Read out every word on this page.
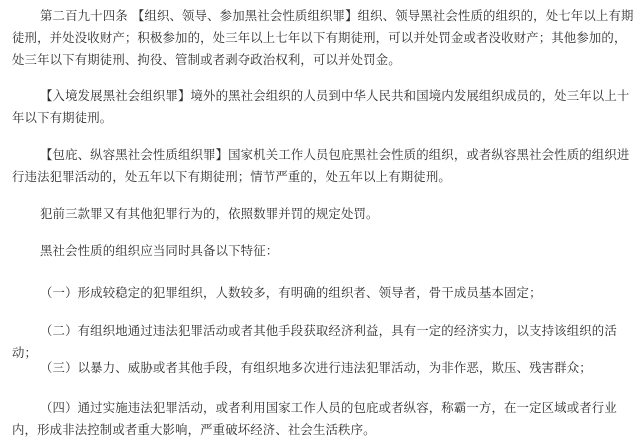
第二百九十四条 【组织、领导、参加黑社会性质组织罪】组织、领导黑社会性质的组织的，处七年以上有期徒刑，并处没收财产；积极参加的，处三年以上七年以下有期徒刑，可以并处罚金或者没收财产；其他参加的，处三年以下有期徒刑、拘役、管制或者剥夺政治权利，可以并处罚金。

【入境发展黑社会组织罪】境外的黑社会组织的人员到中华人民共和国境内发展组织成员的，处三年以上十年以下有期徒刑。

【包庇、纵容黑社会性质组织罪】国家机关工作人员包庇黑社会性质的组织，或者纵容黑社会性质的组织进行违法犯罪活动的，处五年以下有期徒刑；情节严重的，处五年以上有期徒刑。

犯前三款罪又有其他犯罪行为的，依照数罪并罚的规定处罚。

黑社会性质的组织应当同时具备以下特征：

（一）形成较稳定的犯罪组织，人数较多，有明确的组织者、领导者，骨干成员基本固定；

（二）有组织地通过违法犯罪活动或者其他手段获取经济利益，具有一定的经济实力，以支持该组织的活动；

（三）以暴力、威胁或者其他手段，有组织地多次进行违法犯罪活动，为非作恶，欺压、残害群众；

（四）通过实施违法犯罪活动，或者利用国家工作人员的包庇或者纵容，称霸一方，在一定区域或者行业内，形成非法控制或者重大影响，严重破坏经济、社会生活秩序。
